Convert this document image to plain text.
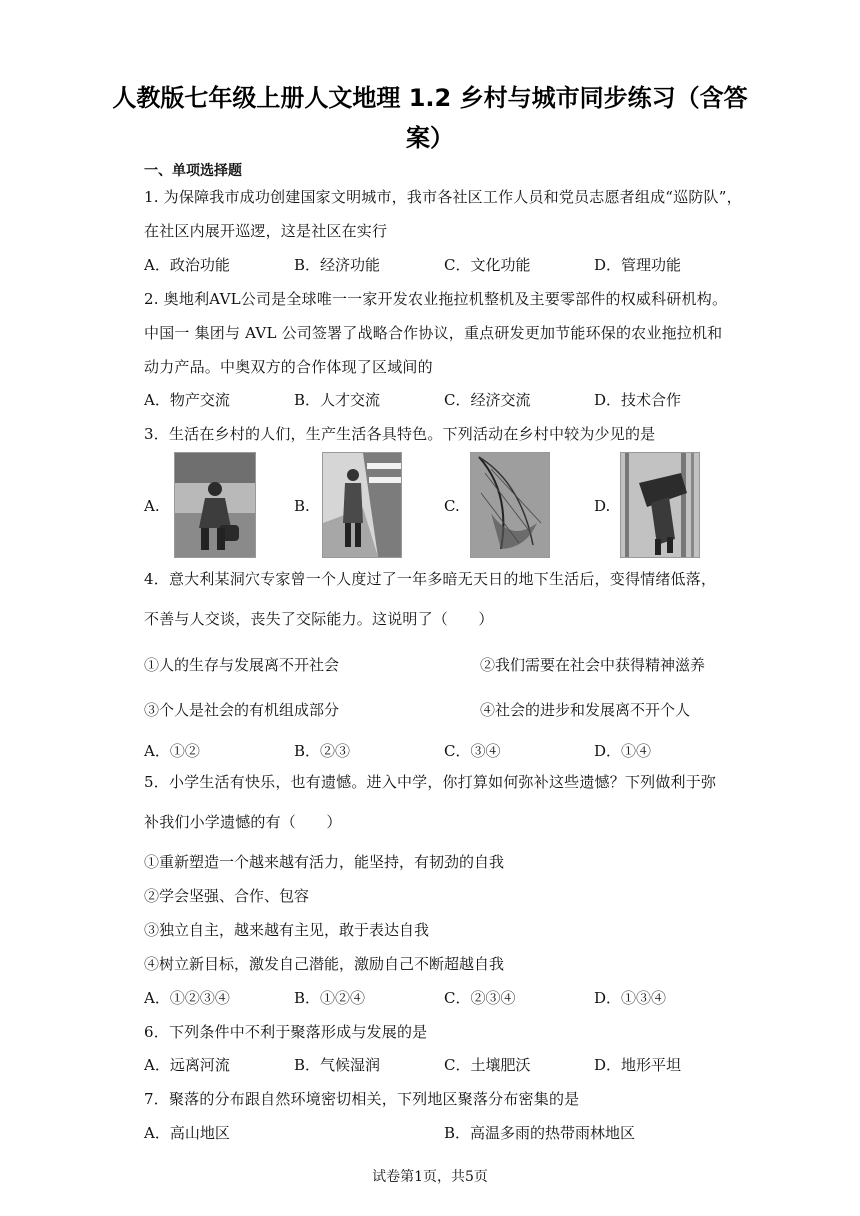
人教版七年级上册人文地理 1.2 乡村与城市同步练习（含答
案）
一、单项选择题
1. 为保障我市成功创建国家文明城市，我市各社区工作人员和党员志愿者组成“巡防队”，
在社区内展开巡逻，这是社区在实行
A．政治功能	B．经济功能	C．文化功能	D．管理功能
2. 奥地利AVL公司是全球唯一一家开发农业拖拉机整机及主要零部件的权威科研机构。
中国一 集团与 AVL 公司签署了战略合作协议，重点研发更加节能环保的农业拖拉机和
动力产品。中奥双方的合作体现了区域间的
A．物产交流	B．人才交流	C．经济交流	D．技术合作
3．生活在乡村的人们，生产生活各具特色。下列活动在乡村中较为少见的是
A.	B.	C.	D.
4．意大利某洞穴专家曾一个人度过了一年多暗无天日的地下生活后，变得情绪低落，
不善与人交谈，丧失了交际能力。这说明了（　　）
①人的生存与发展离不开社会	②我们需要在社会中获得精神滋养
③个人是社会的有机组成部分	④社会的进步和发展离不开个人
A．①②	B．②③	C．③④	D．①④
5．小学生活有快乐，也有遗憾。进入中学，你打算如何弥补这些遗憾？下列做利于弥
补我们小学遗憾的有（　　）
①重新塑造一个越来越有活力，能坚持，有韧劲的自我
②学会坚强、合作、包容
③独立自主，越来越有主见，敢于表达自我
④树立新目标，激发自己潜能，激励自己不断超越自我
A．①②③④	B．①②④	C．②③④	D．①③④
6．下列条件中不利于聚落形成与发展的是
A．远离河流	B．气候湿润	C．土壤肥沃	D．地形平坦
7．聚落的分布跟自然环境密切相关，下列地区聚落分布密集的是
A．高山地区	B．高温多雨的热带雨林地区
试卷第1页，共5页
